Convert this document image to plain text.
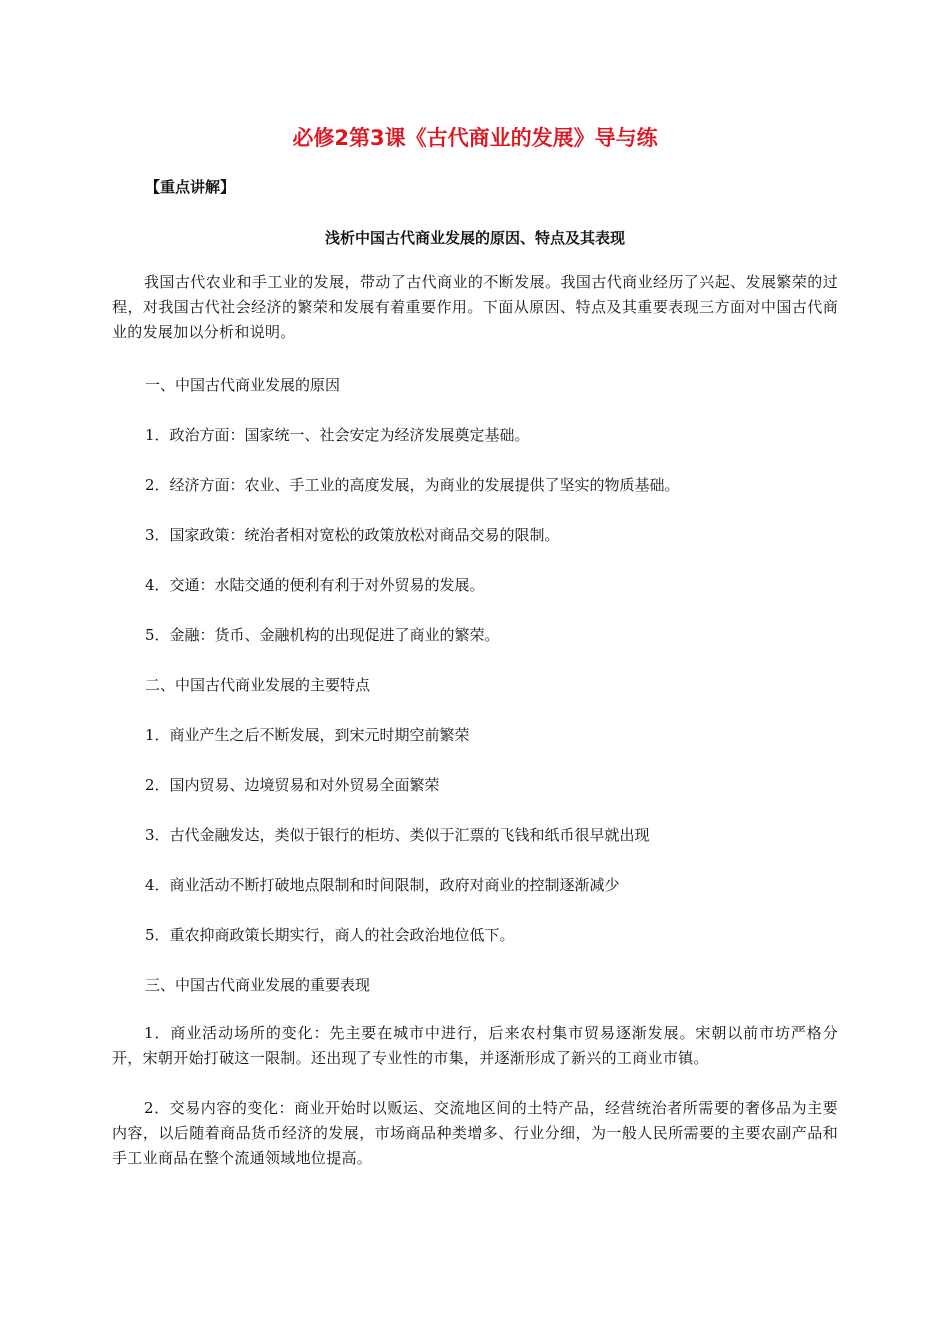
必修2第3课《古代商业的发展》导与练
【重点讲解】
浅析中国古代商业发展的原因、特点及其表现
我国古代农业和手工业的发展，带动了古代商业的不断发展。我国古代商业经历了兴起、发展繁荣的过程，对我国古代社会经济的繁荣和发展有着重要作用。下面从原因、特点及其重要表现三方面对中国古代商业的发展加以分析和说明。
一、中国古代商业发展的原因
1．政治方面：国家统一、社会安定为经济发展奠定基础。
2．经济方面：农业、手工业的高度发展，为商业的发展提供了坚实的物质基础。
3．国家政策：统治者相对宽松的政策放松对商品交易的限制。
4．交通：水陆交通的便利有利于对外贸易的发展。
5．金融：货币、金融机构的出现促进了商业的繁荣。
二、中国古代商业发展的主要特点
1．商业产生之后不断发展，到宋元时期空前繁荣
2．国内贸易、边境贸易和对外贸易全面繁荣
3．古代金融发达，类似于银行的柜坊、类似于汇票的飞钱和纸币很早就出现
4．商业活动不断打破地点限制和时间限制，政府对商业的控制逐渐减少
5．重农抑商政策长期实行，商人的社会政治地位低下。
三、中国古代商业发展的重要表现
1．商业活动场所的变化：先主要在城市中进行，后来农村集市贸易逐渐发展。宋朝以前市坊严格分开，宋朝开始打破这一限制。还出现了专业性的市集，并逐渐形成了新兴的工商业市镇。
2．交易内容的变化：商业开始时以贩运、交流地区间的土特产品，经营统治者所需要的奢侈品为主要内容，以后随着商品货币经济的发展，市场商品种类增多、行业分细，为一般人民所需要的主要农副产品和手工业商品在整个流通领域地位提高。
